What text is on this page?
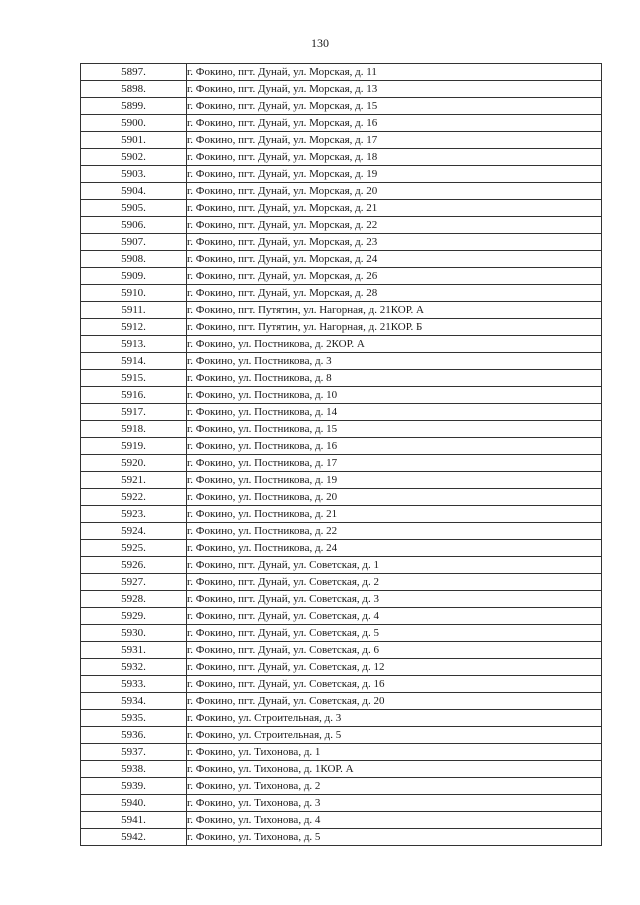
130
5897.	г. Фокино, пгт. Дунай, ул. Морская, д. 11
5898.	г. Фокино, пгт. Дунай, ул. Морская, д. 13
5899.	г. Фокино, пгт. Дунай, ул. Морская, д. 15
5900.	г. Фокино, пгт. Дунай, ул. Морская, д. 16
5901.	г. Фокино, пгт. Дунай, ул. Морская, д. 17
5902.	г. Фокино, пгт. Дунай, ул. Морская, д. 18
5903.	г. Фокино, пгт. Дунай, ул. Морская, д. 19
5904.	г. Фокино, пгт. Дунай, ул. Морская, д. 20
5905.	г. Фокино, пгт. Дунай, ул. Морская, д. 21
5906.	г. Фокино, пгт. Дунай, ул. Морская, д. 22
5907.	г. Фокино, пгт. Дунай, ул. Морская, д. 23
5908.	г. Фокино, пгт. Дунай, ул. Морская, д. 24
5909.	г. Фокино, пгт. Дунай, ул. Морская, д. 26
5910.	г. Фокино, пгт. Дунай, ул. Морская, д. 28
5911.	г. Фокино, пгт. Путятин, ул. Нагорная, д. 21КОР. А
5912.	г. Фокино, пгт. Путятин, ул. Нагорная, д. 21КОР. Б
5913.	г. Фокино, ул. Постникова, д. 2КОР. А
5914.	г. Фокино, ул. Постникова, д. 3
5915.	г. Фокино, ул. Постникова, д. 8
5916.	г. Фокино, ул. Постникова, д. 10
5917.	г. Фокино, ул. Постникова, д. 14
5918.	г. Фокино, ул. Постникова, д. 15
5919.	г. Фокино, ул. Постникова, д. 16
5920.	г. Фокино, ул. Постникова, д. 17
5921.	г. Фокино, ул. Постникова, д. 19
5922.	г. Фокино, ул. Постникова, д. 20
5923.	г. Фокино, ул. Постникова, д. 21
5924.	г. Фокино, ул. Постникова, д. 22
5925.	г. Фокино, ул. Постникова, д. 24
5926.	г. Фокино, пгт. Дунай, ул. Советская, д. 1
5927.	г. Фокино, пгт. Дунай, ул. Советская, д. 2
5928.	г. Фокино, пгт. Дунай, ул. Советская, д. 3
5929.	г. Фокино, пгт. Дунай, ул. Советская, д. 4
5930.	г. Фокино, пгт. Дунай, ул. Советская, д. 5
5931.	г. Фокино, пгт. Дунай, ул. Советская, д. 6
5932.	г. Фокино, пгт. Дунай, ул. Советская, д. 12
5933.	г. Фокино, пгт. Дунай, ул. Советская, д. 16
5934.	г. Фокино, пгт. Дунай, ул. Советская, д. 20
5935.	г. Фокино, ул. Строительная, д. 3
5936.	г. Фокино, ул. Строительная, д. 5
5937.	г. Фокино, ул. Тихонова, д. 1
5938.	г. Фокино, ул. Тихонова, д. 1КОР. А
5939.	г. Фокино, ул. Тихонова, д. 2
5940.	г. Фокино, ул. Тихонова, д. 3
5941.	г. Фокино, ул. Тихонова, д. 4
5942.	г. Фокино, ул. Тихонова, д. 5
